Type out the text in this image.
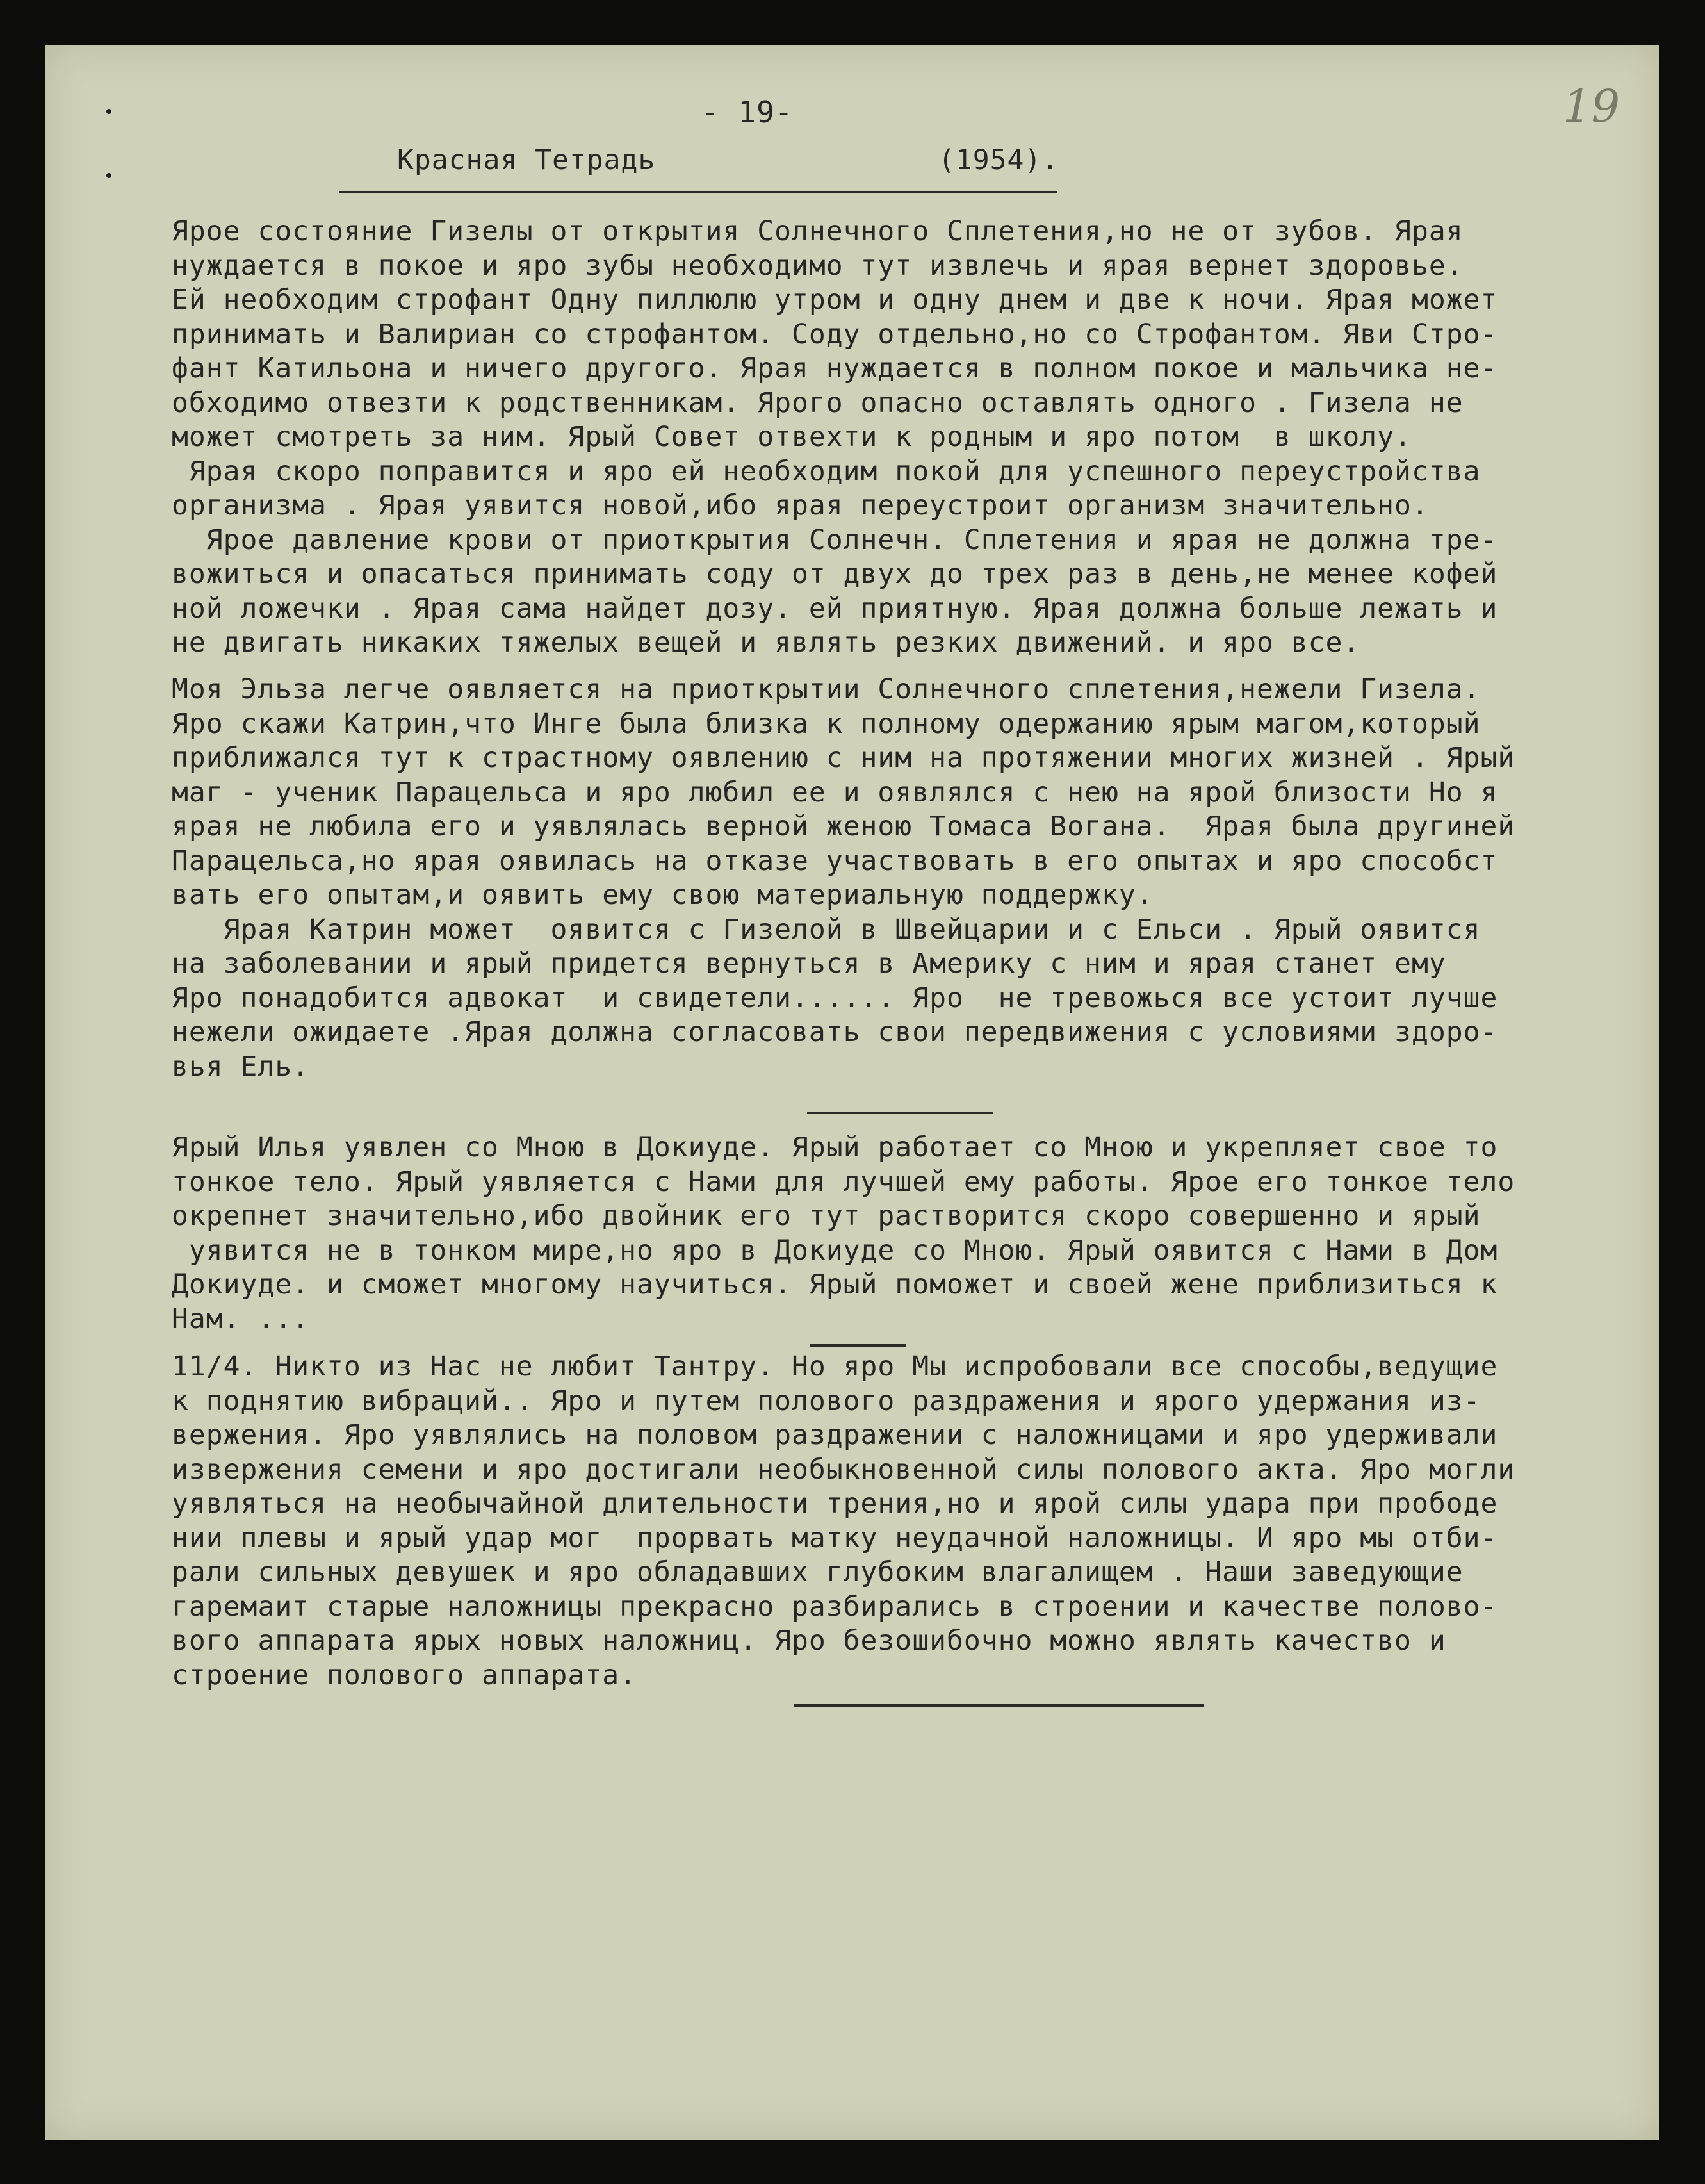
- 19-	19
Красная Тетрадь	(1954).
Ярое состояние Гизелы от открытия Солнечного Сплетения,но не от зубов. Ярая
нуждается в покое и яро зубы необходимо тут извлечь и ярая вернет здоровье.
Ей необходим строфант Одну пиллюлю утром и одну днем и две к ночи. Ярая может
принимать и Валириан со строфантом. Соду отдельно,но со Строфантом. Яви Стро-
фант Катильона и ничего другого. Ярая нуждается в полном покое и мальчика не-
обходимо отвезти к родственникам. Ярого опасно оставлять одного . Гизела не
может смотреть за ним. Ярый Совет отвехти к родным и яро потом  в школу.
Ярая скоро поправится и яро ей необходим покой для успешного переустройства
организма . Ярая уявится новой,ибо ярая переустроит организм значительно.
Ярое давление крови от приоткрытия Солнечн. Сплетения и ярая не должна тре-
вожиться и опасаться принимать соду от двух до трех раз в день,не менее кофей
ной ложечки . Ярая сама найдет дозу. ей приятную. Ярая должна больше лежать и
не двигать никаких тяжелых вещей и являть резких движений. и яро все.
Моя Эльза легче оявляется на приоткрытии Солнечного сплетения,нежели Гизела.
Яро скажи Катрин,что Инге была близка к полному одержанию ярым магом,который
приближался тут к страстному оявлению с ним на протяжении многих жизней . Ярый
маг - ученик Парацельса и яро любил ее и оявлялся с нею на ярой близости Но я
ярая не любила его и уявлялась верной женою Томаса Вогана.  Ярая была другиней
Парацельса,но ярая оявилась на отказе участвовать в его опытах и яро способст
вать его опытам,и оявить ему свою материальную поддержку.
Ярая Катрин может  оявится с Гизелой в Швейцарии и с Ельси . Ярый оявится
на заболевании и ярый придется вернуться в Америку с ним и ярая станет ему
Яро понадобится адвокат  и свидетели...... Яро  не тревожься все устоит лучше
нежели ожидаете .Ярая должна согласовать свои передвижения с условиями здоро-
вья Ель.
Ярый Илья уявлен со Мною в Докиуде. Ярый работает со Мною и укрепляет свое то
тонкое тело. Ярый уявляется с Нами для лучшей ему работы. Ярое его тонкое тело
окрепнет значительно,ибо двойник его тут растворится скоро совершенно и ярый
уявится не в тонком мире,но яро в Докиуде со Мною. Ярый оявится с Нами в Дом
Докиуде. и сможет многому научиться. Ярый поможет и своей жене приблизиться к
Нам. ...
11/4. Никто из Нас не любит Тантру. Но яро Мы испробовали все способы,ведущие
к поднятию вибраций.. Яро и путем полового раздражения и ярого удержания из-
вержения. Яро уявлялись на половом раздражении с наложницами и яро удерживали
извержения семени и яро достигали необыкновенной силы полового акта. Яро могли
уявляться на необычайной длительности трения,но и ярой силы удара при прободе
нии плевы и ярый удар мог  прорвать матку неудачной наложницы. И яро мы отби-
рали сильных девушек и яро обладавших глубоким влагалищем . Наши заведующие
гаремаит старые наложницы прекрасно разбирались в строении и качестве полово-
вого аппарата ярых новых наложниц. Яро безошибочно можно являть качество и
строение полового аппарата.
